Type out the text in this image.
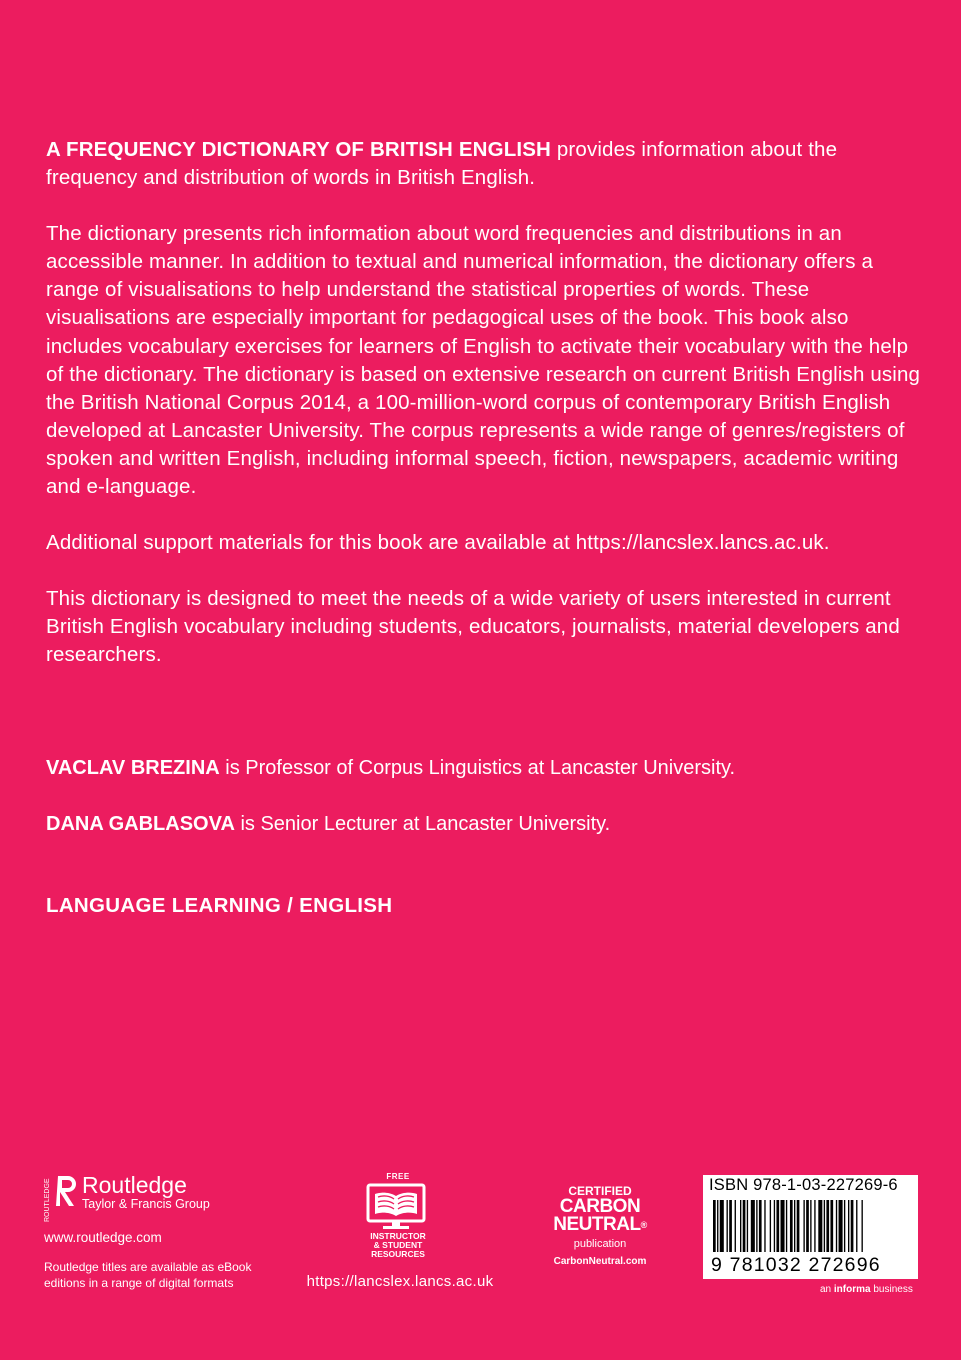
A FREQUENCY DICTIONARY OF BRITISH ENGLISH provides information about the frequency and distribution of words in British English.

The dictionary presents rich information about word frequencies and distributions in an accessible manner. In addition to textual and numerical information, the dictionary offers a range of visualisations to help understand the statistical properties of words. These visualisations are especially important for pedagogical uses of the book. This book also includes vocabulary exercises for learners of English to activate their vocabulary with the help of the dictionary. The dictionary is based on extensive research on current British English using the British National Corpus 2014, a 100-million-word corpus of contemporary British English developed at Lancaster University. The corpus represents a wide range of genres/registers of spoken and written English, including informal speech, fiction, newspapers, academic writing and e-language.

Additional support materials for this book are available at https://lancslex.lancs.ac.uk.

This dictionary is designed to meet the needs of a wide variety of users interested in current British English vocabulary including students, educators, journalists, material developers and researchers.

VACLAV BREZINA is Professor of Corpus Linguistics at Lancaster University.

DANA GABLASOVA is Senior Lecturer at Lancaster University.

LANGUAGE LEARNING / ENGLISH
ROUTLEDGE Routledge
Taylor & Francis Group
www.routledge.com
Routledge titles are available as eBook
editions in a range of digital formats
FREE
INSTRUCTOR
& STUDENT
RESOURCES
https://lancslex.lancs.ac.uk
CERTIFIED
CARBON
NEUTRAL®
publication
CarbonNeutral.com
ISBN 978-1-03-227269-6
9 781032 272696
an informa business
